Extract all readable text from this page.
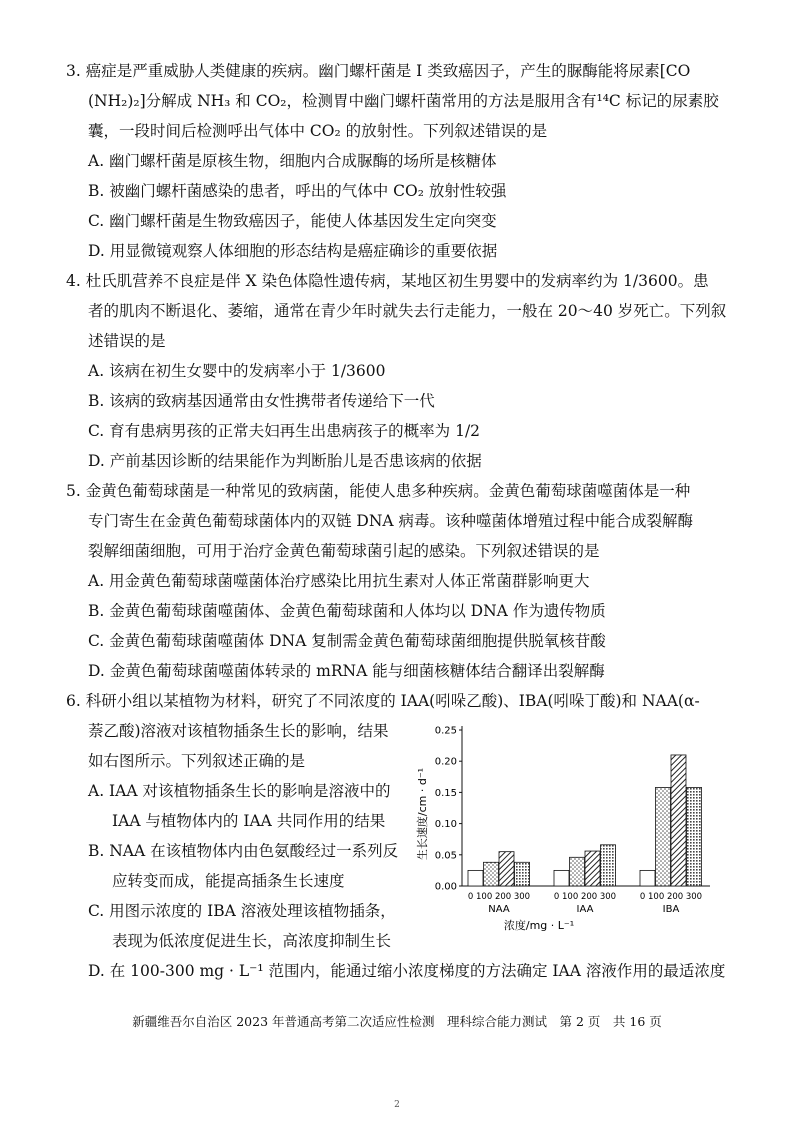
3. 癌症是严重威胁人类健康的疾病。幽门螺杆菌是 I 类致癌因子，产生的脲酶能将尿素[CO
(NH₂)₂]分解成 NH₃ 和 CO₂，检测胃中幽门螺杆菌常用的方法是服用含有¹⁴C 标记的尿素胶
囊，一段时间后检测呼出气体中 CO₂ 的放射性。下列叙述错误的是
A. 幽门螺杆菌是原核生物，细胞内合成脲酶的场所是核糖体
B. 被幽门螺杆菌感染的患者，呼出的气体中 CO₂ 放射性较强
C. 幽门螺杆菌是生物致癌因子，能使人体基因发生定向突变
D. 用显微镜观察人体细胞的形态结构是癌症确诊的重要依据
4. 杜氏肌营养不良症是伴 X 染色体隐性遗传病，某地区初生男婴中的发病率约为 1/3600。患
者的肌肉不断退化、萎缩，通常在青少年时就失去行走能力，一般在 20～40 岁死亡。下列叙
述错误的是
A. 该病在初生女婴中的发病率小于 1/3600
B. 该病的致病基因通常由女性携带者传递给下一代
C. 育有患病男孩的正常夫妇再生出患病孩子的概率为 1/2
D. 产前基因诊断的结果能作为判断胎儿是否患该病的依据
5. 金黄色葡萄球菌是一种常见的致病菌，能使人患多种疾病。金黄色葡萄球菌噬菌体是一种
专门寄生在金黄色葡萄球菌体内的双链 DNA 病毒。该种噬菌体增殖过程中能合成裂解酶
裂解细菌细胞，可用于治疗金黄色葡萄球菌引起的感染。下列叙述错误的是
A. 用金黄色葡萄球菌噬菌体治疗感染比用抗生素对人体正常菌群影响更大
B. 金黄色葡萄球菌噬菌体、金黄色葡萄球菌和人体均以 DNA 作为遗传物质
C. 金黄色葡萄球菌噬菌体 DNA 复制需金黄色葡萄球菌细胞提供脱氧核苷酸
D. 金黄色葡萄球菌噬菌体转录的 mRNA 能与细菌核糖体结合翻译出裂解酶
6. 科研小组以某植物为材料，研究了不同浓度的 IAA(吲哚乙酸)、IBA(吲哚丁酸)和 NAA(α-
萘乙酸)溶液对该植物插条生长的影响，结果
如右图所示。下列叙述正确的是
A. IAA 对该植物插条生长的影响是溶液中的
IAA 与植物体内的 IAA 共同作用的结果
B. NAA 在该植物体内由色氨酸经过一系列反
应转变而成，能提高插条生长速度
C. 用图示浓度的 IBA 溶液处理该植物插条，
表现为低浓度促进生长，高浓度抑制生长
D. 在 100-300 mg · L⁻¹ 范围内，能通过缩小浓度梯度的方法确定 IAA 溶液作用的最适浓度
生长速度/cm · d⁻¹
0.00
0.05
0.10
0.15
0.20
0.25
0 100 200 300
NAA
0 100 200 300
IAA
0 100 200 300
IBA
浓度/mg · L⁻¹
新疆维吾尔自治区 2023 年普通高考第二次适应性检测　理科综合能力测试　第 2 页　共 16 页
2
